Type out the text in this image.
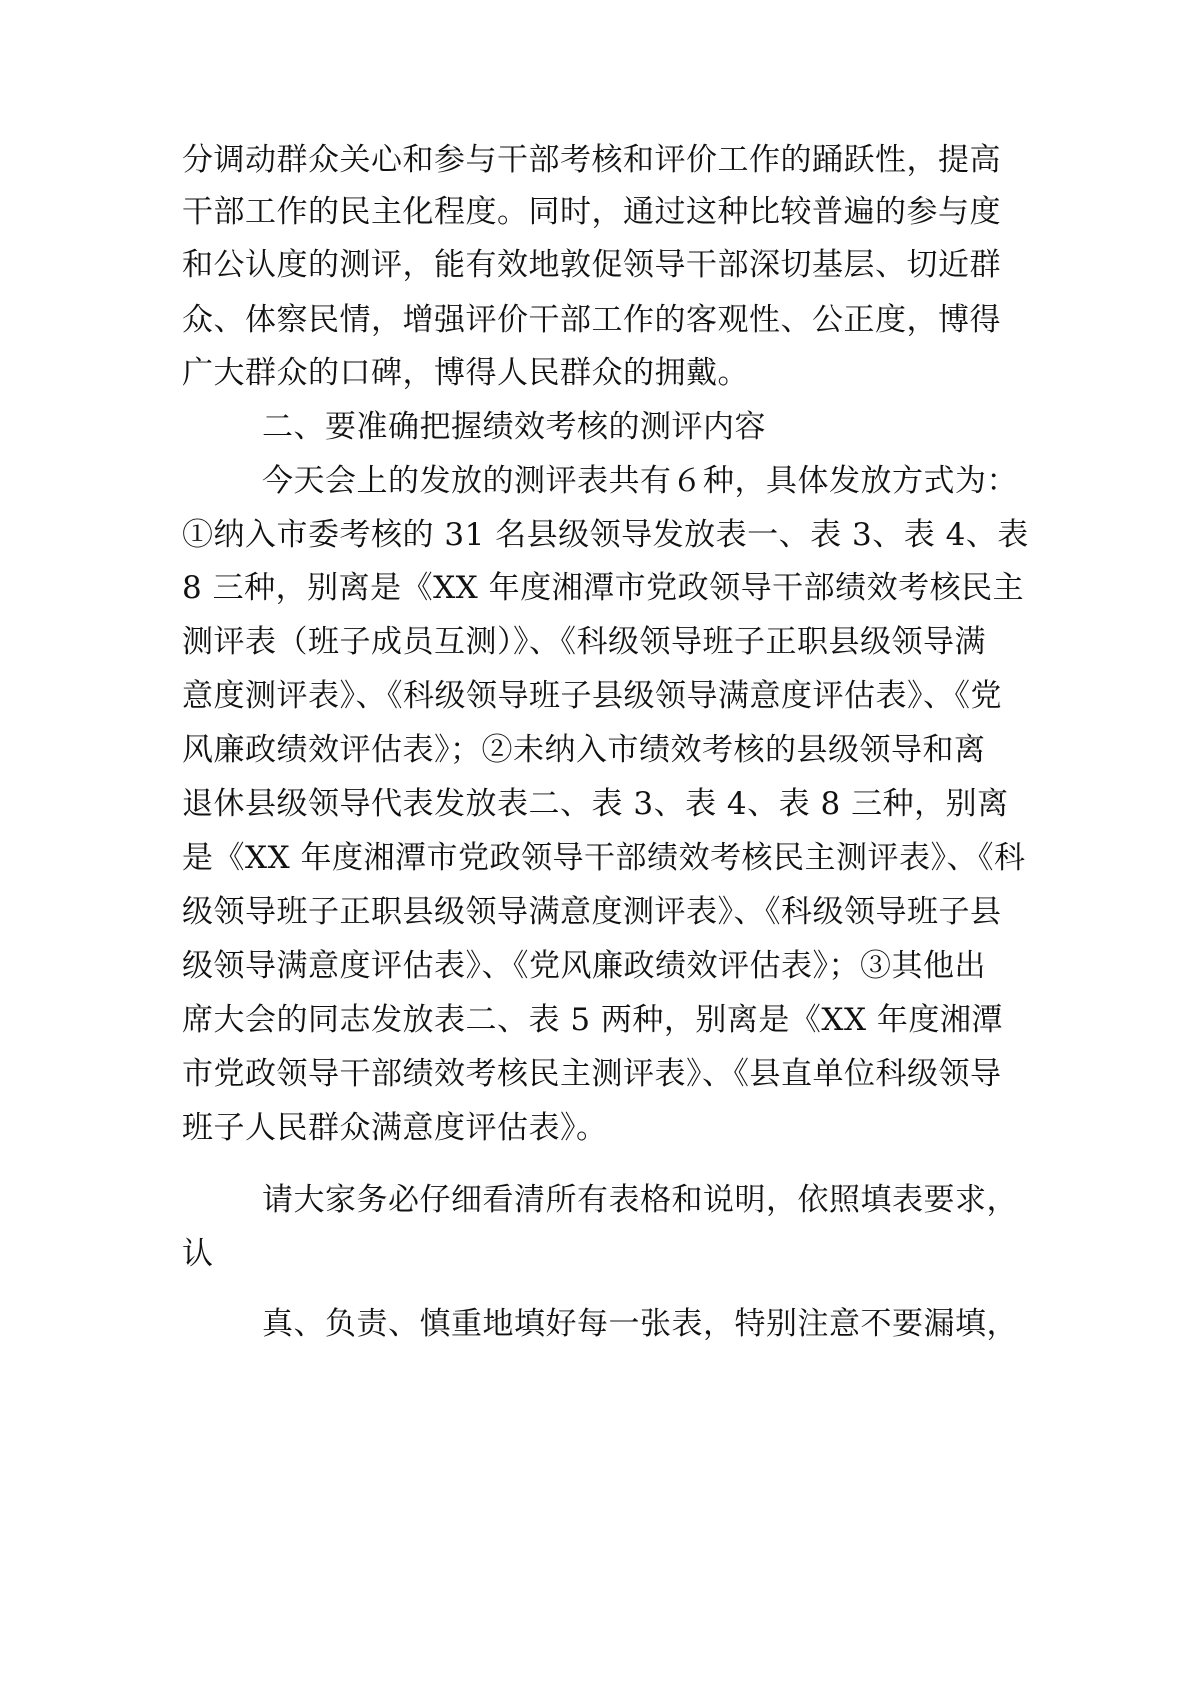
分调动群众关心和参与干部考核和评价工作的踊跃性，提高
干部工作的民主化程度。同时，通过这种比较普遍的参与度
和公认度的测评，能有效地敦促领导干部深切基层、切近群
众、体察民情，增强评价干部工作的客观性、公正度，博得
广大群众的口碑，博得人民群众的拥戴。
二、要准确把握绩效考核的测评内容
今天会上的发放的测评表共有６种，具体发放方式为：
①纳入市委考核的 31 名县级领导发放表一、表 3、表 4、表
8 三种，别离是《XX 年度湘潭市党政领导干部绩效考核民主
测评表（班子成员互测）》、《科级领导班子正职县级领导满
意度测评表》、《科级领导班子县级领导满意度评估表》、《党
风廉政绩效评估表》；②未纳入市绩效考核的县级领导和离
退休县级领导代表发放表二、表 3、表 4、表 8 三种，别离
是《XX 年度湘潭市党政领导干部绩效考核民主测评表》、《科
级领导班子正职县级领导满意度测评表》、《科级领导班子县
级领导满意度评估表》、《党风廉政绩效评估表》；③其他出
席大会的同志发放表二、表 5 两种，别离是《XX 年度湘潭
市党政领导干部绩效考核民主测评表》、《县直单位科级领导
班子人民群众满意度评估表》。
请大家务必仔细看清所有表格和说明，依照填表要求，
认
真、负责、慎重地填好每一张表，特别注意不要漏填，
